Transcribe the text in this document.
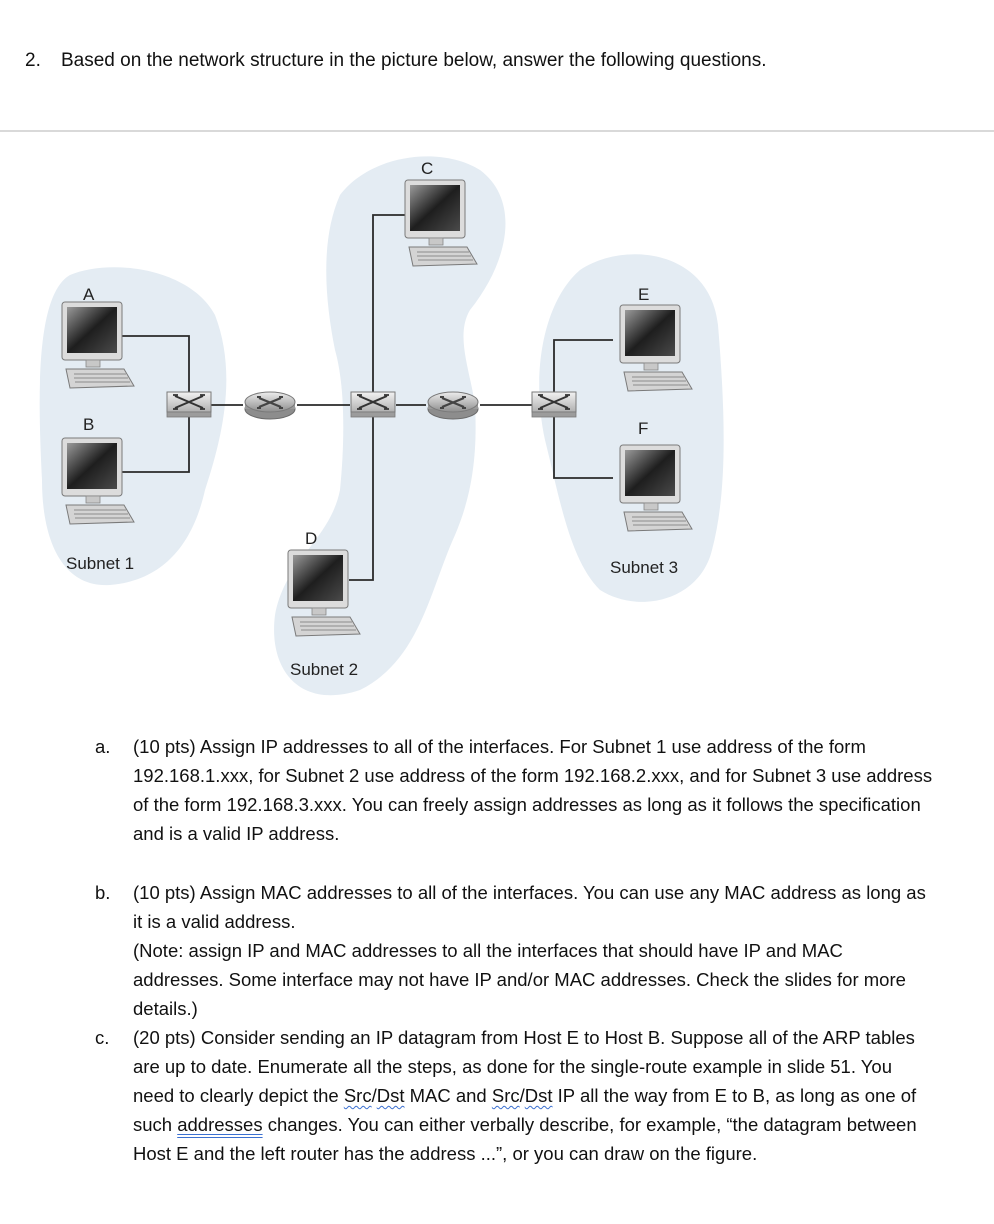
2. Based on the network structure in the picture below, answer the following questions.
A
B
C
D
E
F
Subnet 1
Subnet 2
Subnet 3
a. (10 pts) Assign IP addresses to all of the interfaces. For Subnet 1 use address of the form 192.168.1.xxx, for Subnet 2 use address of the form 192.168.2.xxx, and for Subnet 3 use address of the form 192.168.3.xxx. You can freely assign addresses as long as it follows the specification and is a valid IP address.
b. (10 pts) Assign MAC addresses to all of the interfaces. You can use any MAC address as long as it is a valid address.
(Note: assign IP and MAC addresses to all the interfaces that should have IP and MAC addresses. Some interface may not have IP and/or MAC addresses. Check the slides for more details.)
c. (20 pts) Consider sending an IP datagram from Host E to Host B. Suppose all of the ARP tables are up to date. Enumerate all the steps, as done for the single-route example in slide 51. You need to clearly depict the Src/Dst MAC and Src/Dst IP all the way from E to B, as long as one of such addresses changes. You can either verbally describe, for example, “the datagram between Host E and the left router has the address ...”, or you can draw on the figure.
